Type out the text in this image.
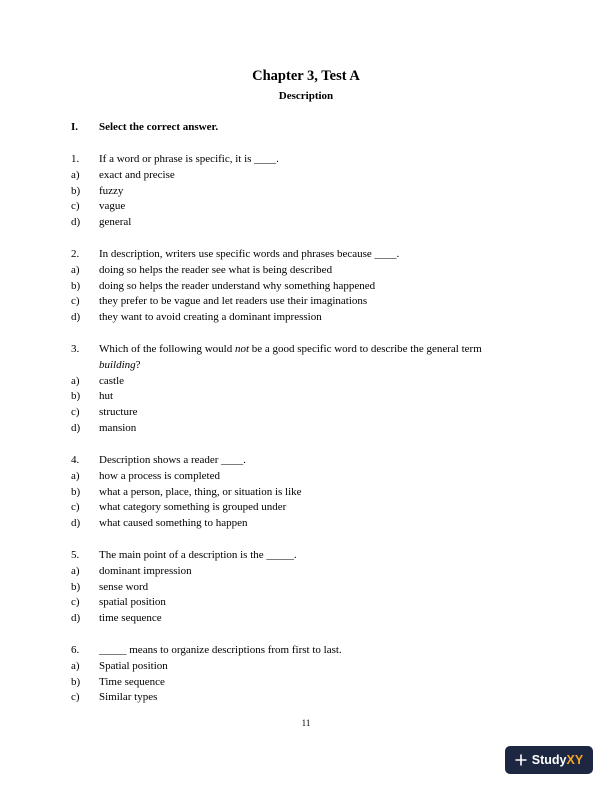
Chapter 3, Test A
Description
I. Select the correct answer.
1.	If a word or phrase is specific, it is ____.
a)	exact and precise
b)	fuzzy
c)	vague
d)	general
2.	In description, writers use specific words and phrases because ____.
a)	doing so helps the reader see what is being described
b)	doing so helps the reader understand why something happened
c)	they prefer to be vague and let readers use their imaginations
d)	they want to avoid creating a dominant impression
3.	Which of the following would not be a good specific word to describe the general term
building?
a)	castle
b)	hut
c)	structure
d)	mansion
4.	Description shows a reader ____.
a)	how a process is completed
b)	what a person, place, thing, or situation is like
c)	what category something is grouped under
d)	what caused something to happen
5.	The main point of a description is the _____.
a)	dominant impression
b)	sense word
c)	spatial position
d)	time sequence
6.	_____ means to organize descriptions from first to last.
a)	Spatial position
b)	Time sequence
c)	Similar types
11
Study XY
